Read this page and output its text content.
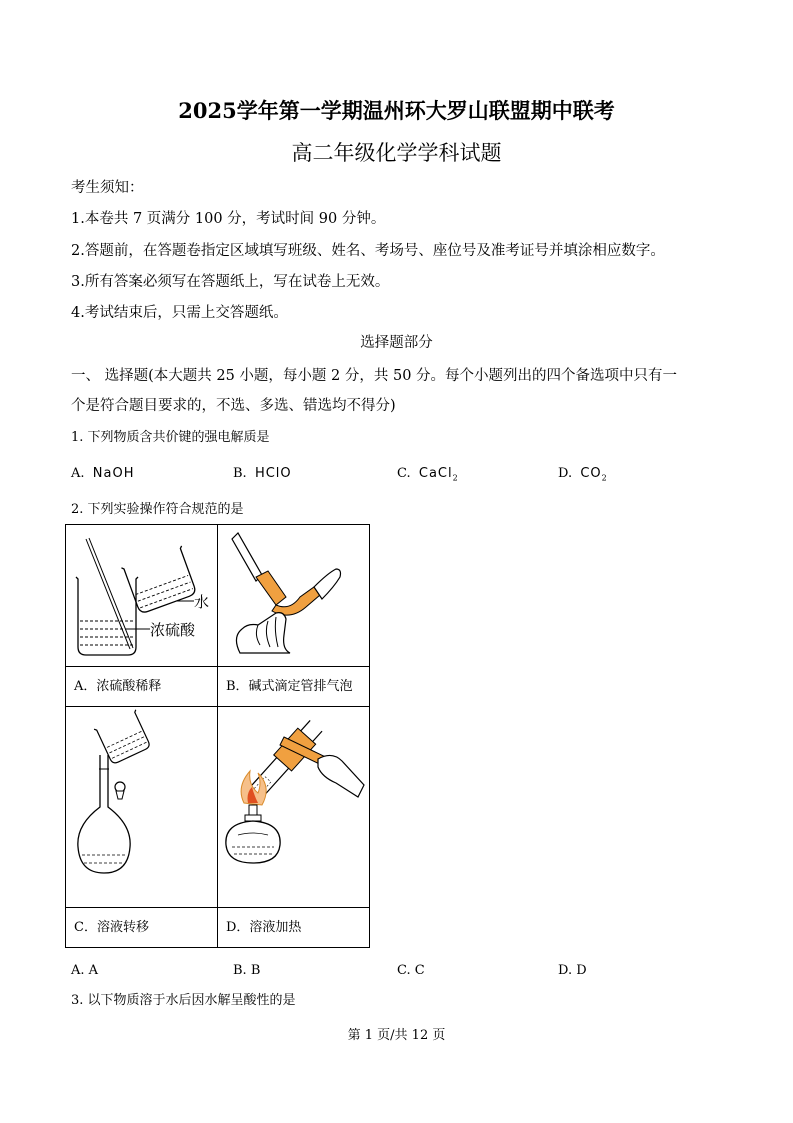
2025学年第一学期温州环大罗山联盟期中联考
高二年级化学学科试题
考生须知：
1.本卷共 7 页满分 100 分，考试时间 90 分钟。
2.答题前，在答题卷指定区域填写班级、姓名、考场号、座位号及准考证号并填涂相应数字。
3.所有答案必须写在答题纸上，写在试卷上无效。
4.考试结束后，只需上交答题纸。
选择题部分
一、 选择题(本大题共 25 小题，每小题 2 分，共 50 分。每个小题列出的四个备选项中只有一
个是符合题目要求的，不选、多选、错选均不得分)
1. 下列物质含共价键的强电解质是
A. NaOH	B. HClO	C. CaCl$_2$	D. $CO_2$
2. 下列实验操作符合规范的是
水
浓硫酸

A．浓硫酸稀释	B．碱式滴定管排气泡

C．溶液转移	D．溶液加热
A. A	B. B	C. C	D. D
3. 以下物质溶于水后因水解呈酸性的是
第 1 页/共 12 页
